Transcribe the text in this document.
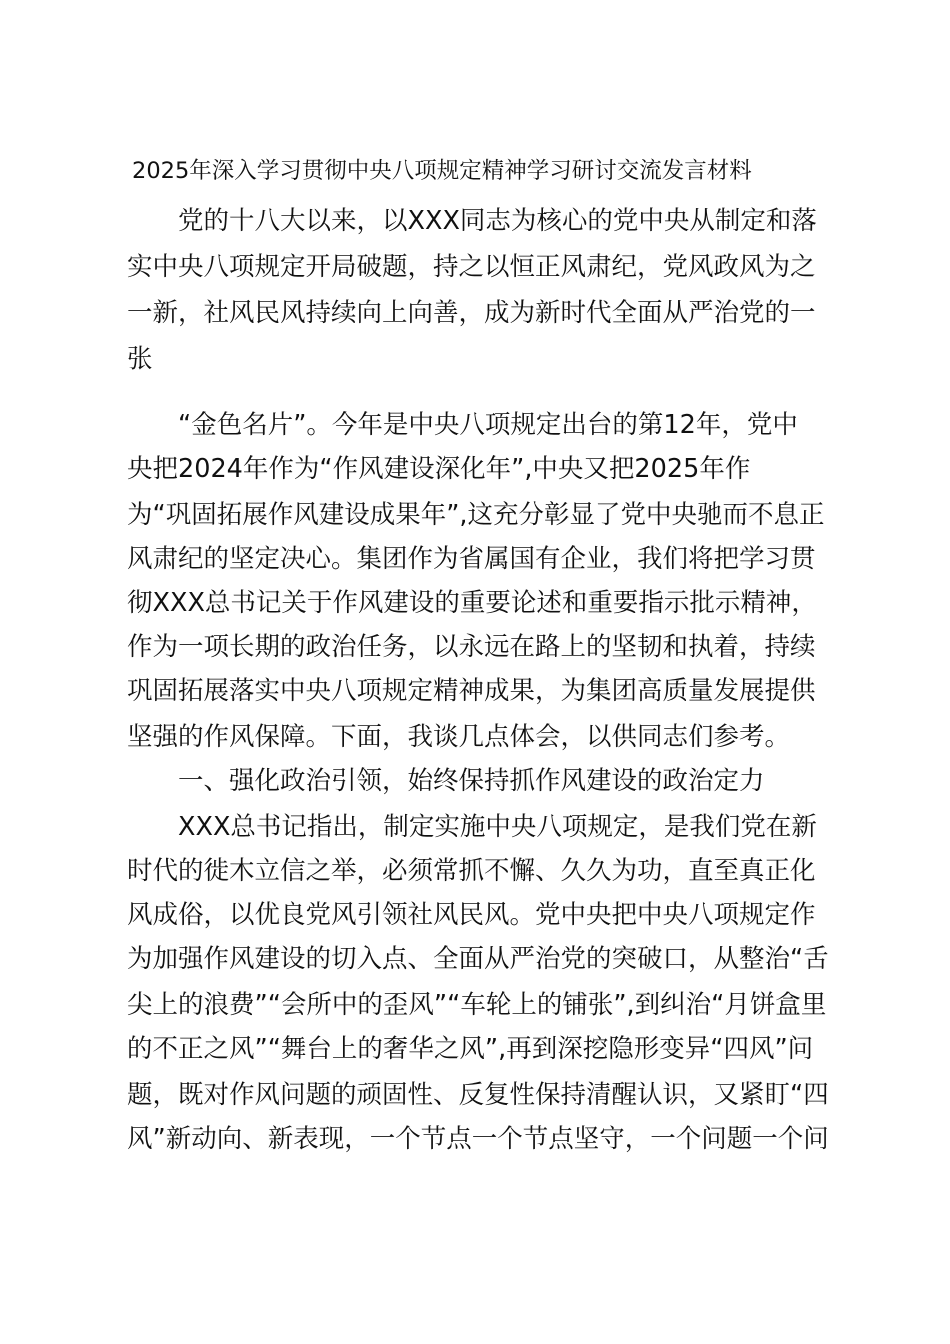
2025年深入学习贯彻中央八项规定精神学习研讨交流发言材料
　　党的十八大以来，以XXX同志为核心的党中央从制定和落
实中央八项规定开局破题，持之以恒正风肃纪，党风政风为之
一新，社风民风持续向上向善，成为新时代全面从严治党的一
张
　　“金色名片”。今年是中央八项规定出台的第12年，党中
央把2024年作为“作风建设深化年”,中央又把2025年作
为“巩固拓展作风建设成果年”,这充分彰显了党中央驰而不息正
风肃纪的坚定决心。集团作为省属国有企业，我们将把学习贯
彻XXX总书记关于作风建设的重要论述和重要指示批示精神，
作为一项长期的政治任务，以永远在路上的坚韧和执着，持续
巩固拓展落实中央八项规定精神成果，为集团高质量发展提供
坚强的作风保障。下面，我谈几点体会，以供同志们参考。
　　一、强化政治引领，始终保持抓作风建设的政治定力
　　XXX总书记指出，制定实施中央八项规定，是我们党在新
时代的徙木立信之举，必须常抓不懈、久久为功，直至真正化
风成俗，以优良党风引领社风民风。党中央把中央八项规定作
为加强作风建设的切入点、全面从严治党的突破口，从整治“舌
尖上的浪费”“会所中的歪风”“车轮上的铺张”,到纠治“月饼盒里
的不正之风”“舞台上的奢华之风”,再到深挖隐形变异“四风”问
题，既对作风问题的顽固性、反复性保持清醒认识，又紧盯“四
风”新动向、新表现，一个节点一个节点坚守，一个问题一个问
